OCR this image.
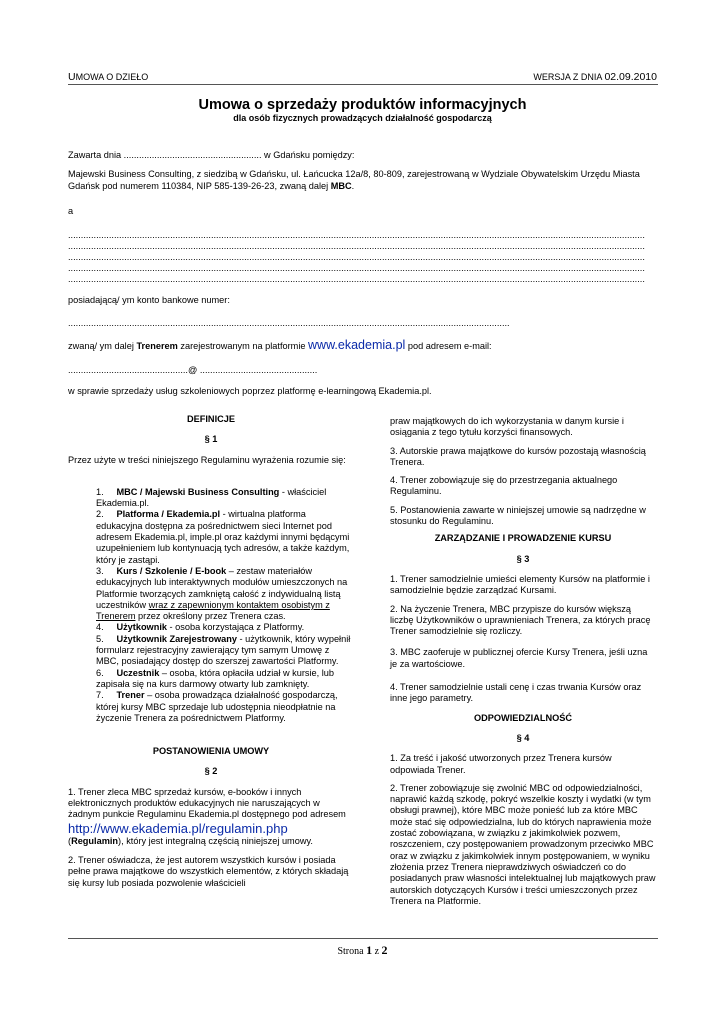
UMOWA O DZIEŁO	WERSJA Z DNIA 02.09.2010
Umowa o sprzedaży produktów informacyjnych
dla osób fizycznych prowadzących działalność gospodarczą
Zawarta dnia ...................................................... w Gdańsku pomiędzy:
Majewski Business Consulting, z siedzibą w Gdańsku, ul. Łańcucka 12a/8, 80-809, zarejestrowaną w Wydziale Obywatelskim Urzędu Miasta Gdańsk pod numerem 110384, NIP 585-139-26-23, zwaną dalej MBC.
a
..................................................................................................................................................................................................................................
..................................................................................................................................................................................................................................
..................................................................................................................................................................................................................................
..................................................................................................................................................................................................................................
..................................................................................................................................................................................................................................
posiadającą/ ym konto bankowe numer:
.............................................................................................................................................................................
zwaną/ ym dalej Trenerem zarejestrowanym na platformie www.ekademia.pl pod adresem e-mail:
...............................................@ ..............................................
w sprawie sprzedaży usług szkoleniowych poprzez platformę e-learningową Ekademia.pl.
DEFINICJE
§ 1

Przez użyte w treści niniejszego Regulaminu wyrażenia rozumie się:

1. MBC / Majewski Business Consulting - właściciel Ekademia.pl.

2. Platforma / Ekademia.pl - wirtualna platforma edukacyjna dostępna za pośrednictwem sieci Internet pod adresem Ekademia.pl, imple.pl oraz każdymi innymi będącymi uzupełnieniem lub kontynuacją tych adresów, a także każdym, który je zastąpi.

3. Kurs / Szkolenie / E-book – zestaw materiałów edukacyjnych lub interaktywnych modułów umieszczonych na Platformie tworzących zamkniętą całość z indywidualną listą uczestników wraz z zapewnionym kontaktem osobistym z Trenerem przez określony przez Trenera czas.

4. Użytkownik - osoba korzystająca z Platformy.

5. Użytkownik Zarejestrowany - użytkownik, który wypełnił formularz rejestracyjny zawierający tym samym Umowę z MBC, posiadający dostęp do szerszej zawartości Platformy.

6. Uczestnik – osoba, która opłaciła udział w kursie, lub zapisała się na kurs darmowy otwarty lub zamknięty.

7. Trener – osoba prowadząca działalność gospodarczą, której kursy MBC sprzedaje lub udostępnia nieodpłatnie na życzenie Trenera za pośrednictwem Platformy.

POSTANOWIENIA UMOWY
§ 2

1. Trener zleca MBC sprzedaż kursów, e-booków i innych elektronicznych produktów edukacyjnych nie naruszających w żadnym punkcie Regulaminu Ekademia.pl dostępnego pod adresem
http://www.ekademia.pl/regulamin.php
(Regulamin), który jest integralną częścią niniejszej umowy.

2. Trener oświadcza, że jest autorem wszystkich kursów i posiada pełne prawa majątkowe do wszystkich elementów, z których składają się kursy lub posiada pozwolenie właścicieli

praw majątkowych do ich wykorzystania w danym kursie i osiągania z tego tytułu korzyści finansowych.

3. Autorskie prawa majątkowe do kursów pozostają własnością Trenera.

4. Trener zobowiązuje się do przestrzegania aktualnego Regulaminu.

5. Postanowienia zawarte w niniejszej umowie są nadrzędne w stosunku do Regulaminu.

ZARZĄDZANIE I PROWADZENIE KURSU
§ 3

1. Trener samodzielnie umieści elementy Kursów na platformie i samodzielnie będzie zarządzać Kursami.

2. Na życzenie Trenera, MBC przypisze do kursów większą liczbę Użytkowników o uprawnieniach Trenera, za których pracę Trener samodzielnie się rozliczy.

3. MBC zaoferuje w publicznej ofercie Kursy Trenera, jeśli uzna je za wartościowe.

4. Trener samodzielnie ustali cenę i czas trwania Kursów oraz inne jego parametry.

ODPOWIEDZIALNOŚĆ
§ 4

1. Za treść i jakość utworzonych przez Trenera kursów odpowiada Trener.

2. Trener zobowiązuje się zwolnić MBC od odpowiedzialności, naprawić każdą szkodę, pokryć wszelkie koszty i wydatki (w tym obsługi prawnej), które MBC może ponieść lub za które MBC może stać się odpowiedzialna, lub do których naprawienia może zostać zobowiązana, w związku z jakimkolwiek pozwem, roszczeniem, czy postępowaniem prowadzonym przeciwko MBC oraz w związku z jakimkolwiek innym postępowaniem, w wyniku złożenia przez Trenera nieprawdziwych oświadczeń co do posiadanych praw własności intelektualnej lub majątkowych praw autorskich dotyczących Kursów i treści umieszczonych przez Trenera na Platformie.

Strona 1 z 2
